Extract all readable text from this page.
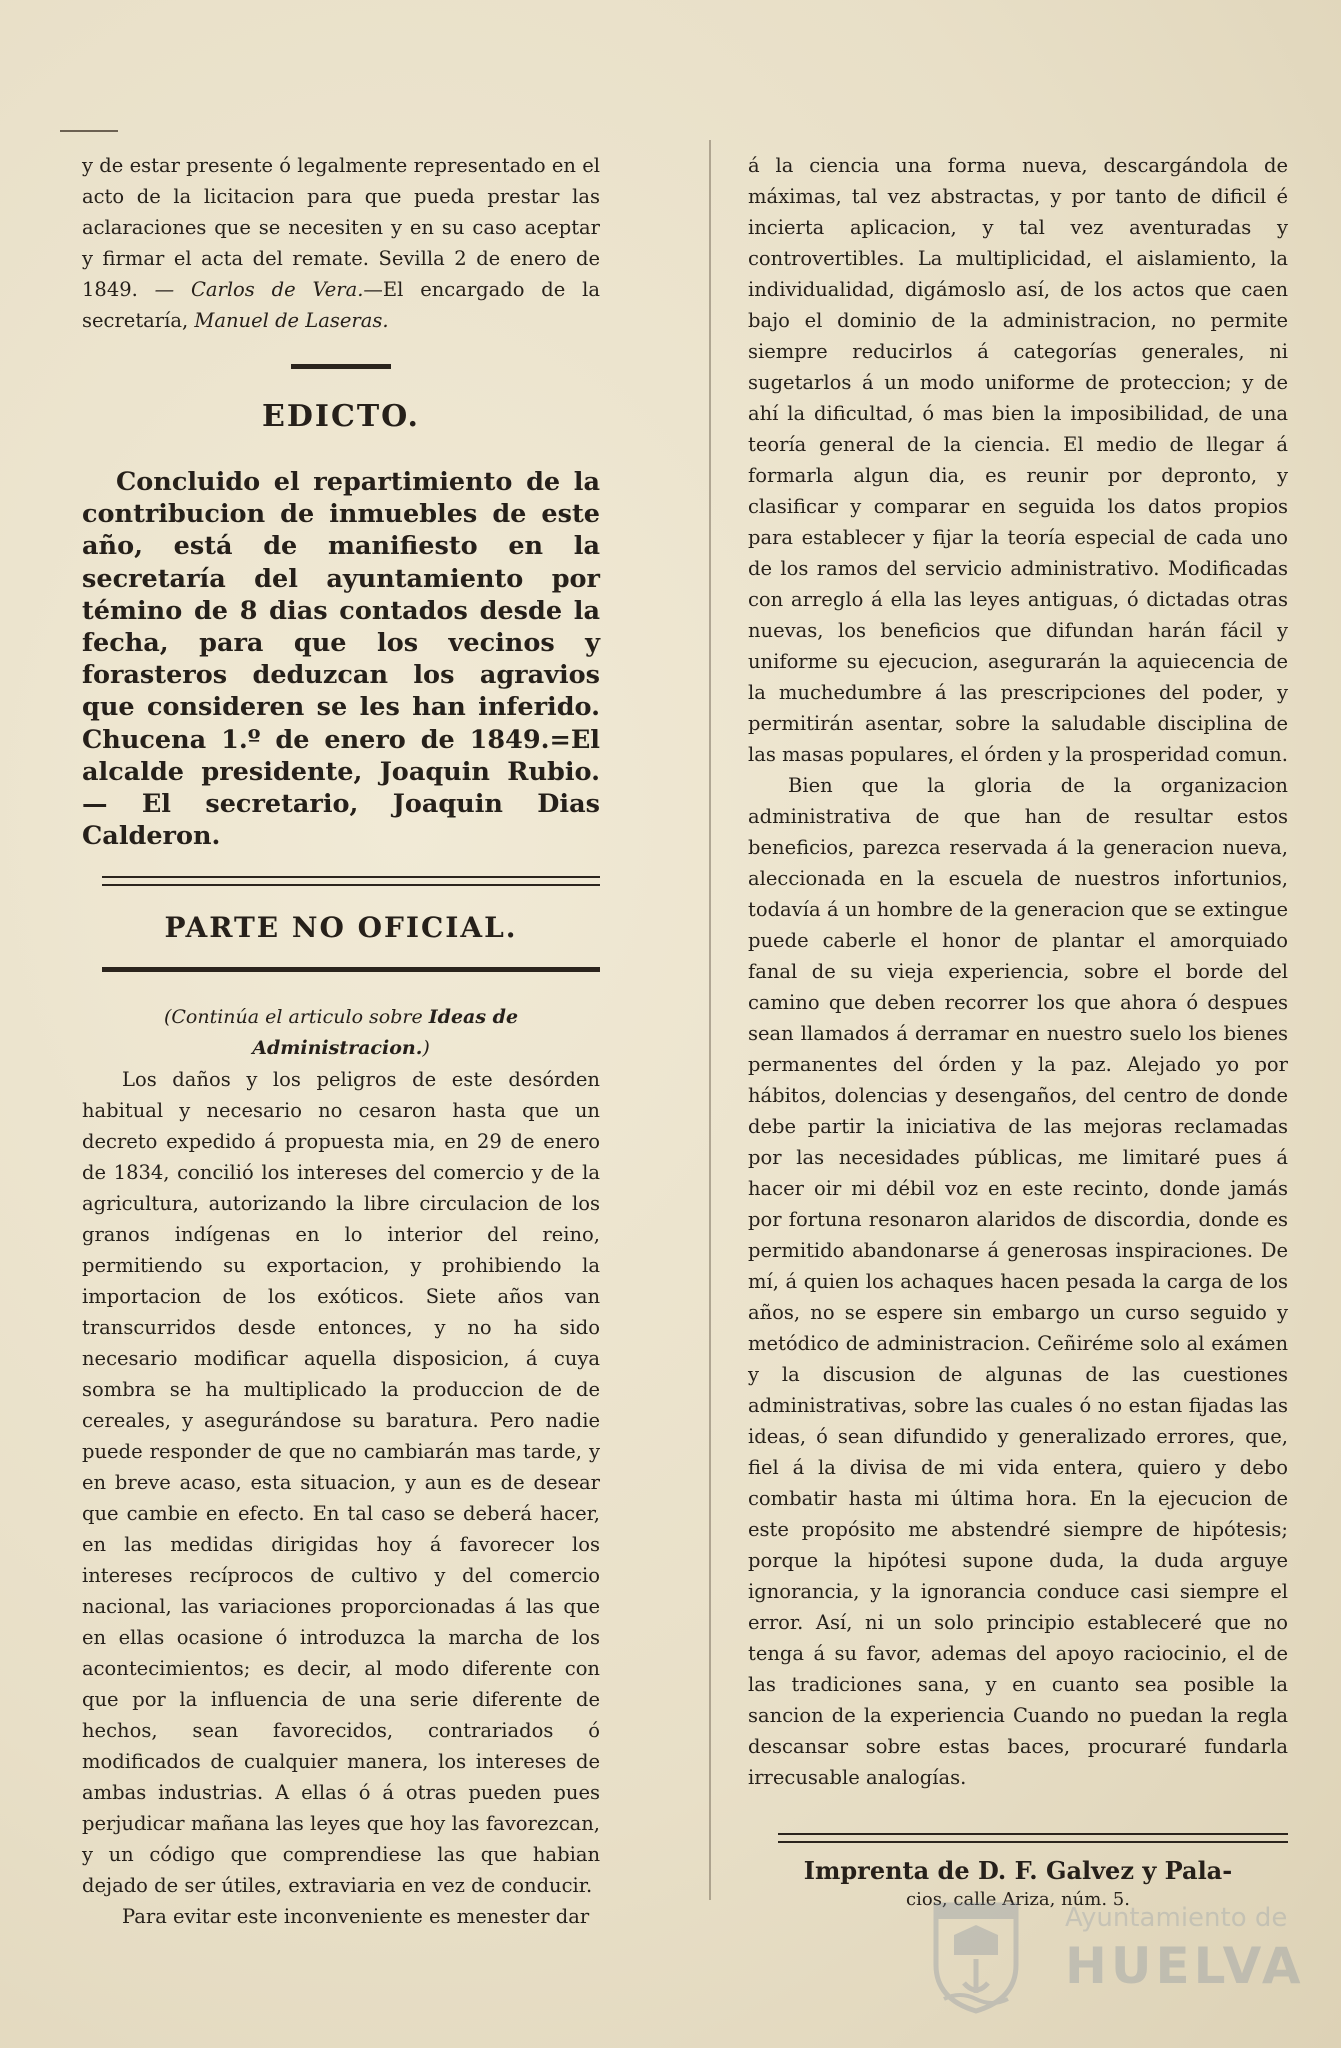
y de estar presente ó legalmente representado en el acto de la licitacion para que pueda prestar las aclaraciones que se necesiten y en su caso aceptar y firmar el acta del remate. Sevilla 2 de enero de 1849. — Carlos de Vera.—El encargado de la secretaría, Manuel de Laseras.

EDICTO.

Concluido el repartimiento de la contribucion de inmuebles de este año, está de manifiesto en la secretaría del ayuntamiento por témino de 8 dias contados desde la fecha, para que los vecinos y forasteros deduzcan los agravios que consideren se les han inferido. Chucena 1.º de enero de 1849.=El alcalde presidente, Joaquin Rubio.— El secretario, Joaquin Dias Calderon.

PARTE NO OFICIAL.

(Continúa el articulo sobre Ideas de Administracion.)

Los daños y los peligros de este desórden habitual y necesario no cesaron hasta que un decreto expedido á propuesta mia, en 29 de enero de 1834, concilió los intereses del comercio y de la agricultura, autorizando la libre circulacion de los granos indígenas en lo interior del reino, permitiendo su exportacion, y prohibiendo la importacion de los exóticos. Siete años van transcurridos desde entonces, y no ha sido necesario modificar aquella disposicion, á cuya sombra se ha multiplicado la produccion de de cereales, y asegurándose su baratura. Pero nadie puede responder de que no cambiarán mas tarde, y en breve acaso, esta situacion, y aun es de desear que cambie en efecto. En tal caso se deberá hacer, en las medidas dirigidas hoy á favorecer los intereses recíprocos de cultivo y del comercio nacional, las variaciones proporcionadas á las que en ellas ocasione ó introduzca la marcha de los acontecimientos; es decir, al modo diferente con que por la influencia de una serie diferente de hechos, sean favorecidos, contrariados ó modificados de cualquier manera, los intereses de ambas industrias. A ellas ó á otras pueden pues perjudicar mañana las leyes que hoy las favorezcan, y un código que comprendiese las que habian dejado de ser útiles, extraviaria en vez de conducir.

Para evitar este inconveniente es menester dar

á la ciencia una forma nueva, descargándola de máximas, tal vez abstractas, y por tanto de dificil é incierta aplicacion, y tal vez aventuradas y controvertibles. La multiplicidad, el aislamiento, la individualidad, digámoslo así, de los actos que caen bajo el dominio de la administracion, no permite siempre reducirlos á categorías generales, ni sugetarlos á un modo uniforme de proteccion; y de ahí la dificultad, ó mas bien la imposibilidad, de una teoría general de la ciencia. El medio de llegar á formarla algun dia, es reunir por depronto, y clasificar y comparar en seguida los datos propios para establecer y fijar la teoría especial de cada uno de los ramos del servicio administrativo. Modificadas con arreglo á ella las leyes antiguas, ó dictadas otras nuevas, los beneficios que difundan harán fácil y uniforme su ejecucion, asegurarán la aquiecencia de la muchedumbre á las prescripciones del poder, y permitirán asentar, sobre la saludable disciplina de las masas populares, el órden y la prosperidad comun.

Bien que la gloria de la organizacion administrativa de que han de resultar estos beneficios, parezca reservada á la generacion nueva, aleccionada en la escuela de nuestros infortunios, todavía á un hombre de la generacion que se extingue puede caberle el honor de plantar el amorquiado fanal de su vieja experiencia, sobre el borde del camino que deben recorrer los que ahora ó despues sean llamados á derramar en nuestro suelo los bienes permanentes del órden y la paz. Alejado yo por hábitos, dolencias y desengaños, del centro de donde debe partir la iniciativa de las mejoras reclamadas por las necesidades públicas, me limitaré pues á hacer oir mi débil voz en este recinto, donde jamás por fortuna resonaron alaridos de discordia, donde es permitido abandonarse á generosas inspiraciones. De mí, á quien los achaques hacen pesada la carga de los años, no se espere sin embargo un curso seguido y metódico de administracion. Ceñiréme solo al exámen y la discusion de algunas de las cuestiones administrativas, sobre las cuales ó no estan fijadas las ideas, ó sean difundido y generalizado errores, que, fiel á la divisa de mi vida entera, quiero y debo combatir hasta mi última hora. En la ejecucion de este propósito me abstendré siempre de hipótesis; porque la hipótesi supone duda, la duda arguye ignorancia, y la ignorancia conduce casi siempre el error. Así, ni un solo principio estableceré que no tenga á su favor, ademas del apoyo raciocinio, el de las tradiciones sana, y en cuanto sea posible la sancion de la experiencia Cuando no puedan la regla descansar sobre estas baces, procuraré fundarla irrecusable analogías.

Imprenta de D. F. Galvez y Pala-

cios, calle Ariza, núm. 5.

Ayuntamiento de
HUELVA
